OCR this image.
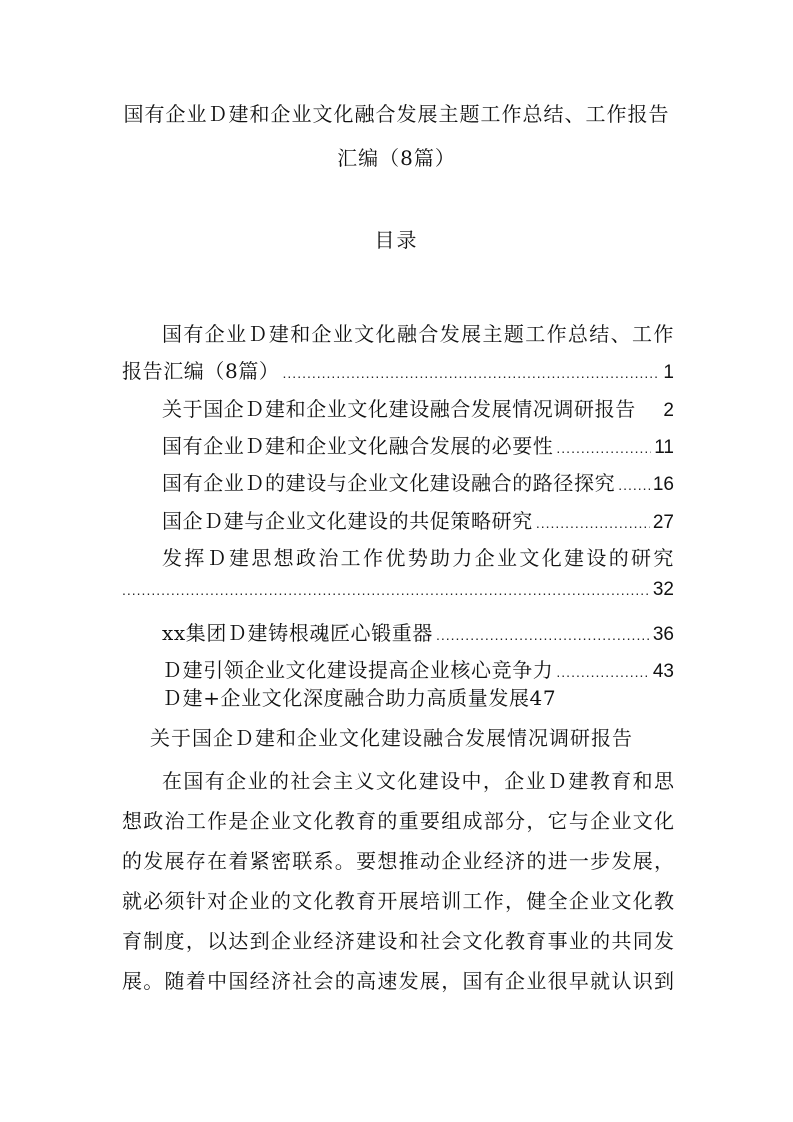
国有企业Ｄ建和企业文化融合发展主题工作总结、工作报告
汇编（8篇）
目录
国有企业Ｄ建和企业文化融合发展主题工作总结、工作
报告汇编（8篇） .....	1
关于国企Ｄ建和企业文化建设融合发展情况调研报告 2
国有企业Ｄ建和企业文化融合发展的必要性 .....	11
国有企业Ｄ的建设与企业文化建设融合的路径探究 ..... 16
国企Ｄ建与企业文化建设的共促策略研究 .....	27
发挥Ｄ建思想政治工作优势助力企业文化建设的研究
.....
32
xx集团Ｄ建铸根魂匠心锻重器 .....	36
Ｄ建引领企业文化建设提高企业核心竞争力 .....	43
Ｄ建+企业文化深度融合助力高质量发展47
关于国企Ｄ建和企业文化建设融合发展情况调研报告
在国有企业的社会主义文化建设中，企业Ｄ建教育和思
想政治工作是企业文化教育的重要组成部分，它与企业文化
的发展存在着紧密联系。要想推动企业经济的进一步发展，
就必须针对企业的文化教育开展培训工作，健全企业文化教
育制度，以达到企业经济建设和社会文化教育事业的共同发
展。随着中国经济社会的高速发展，国有企业很早就认识到
